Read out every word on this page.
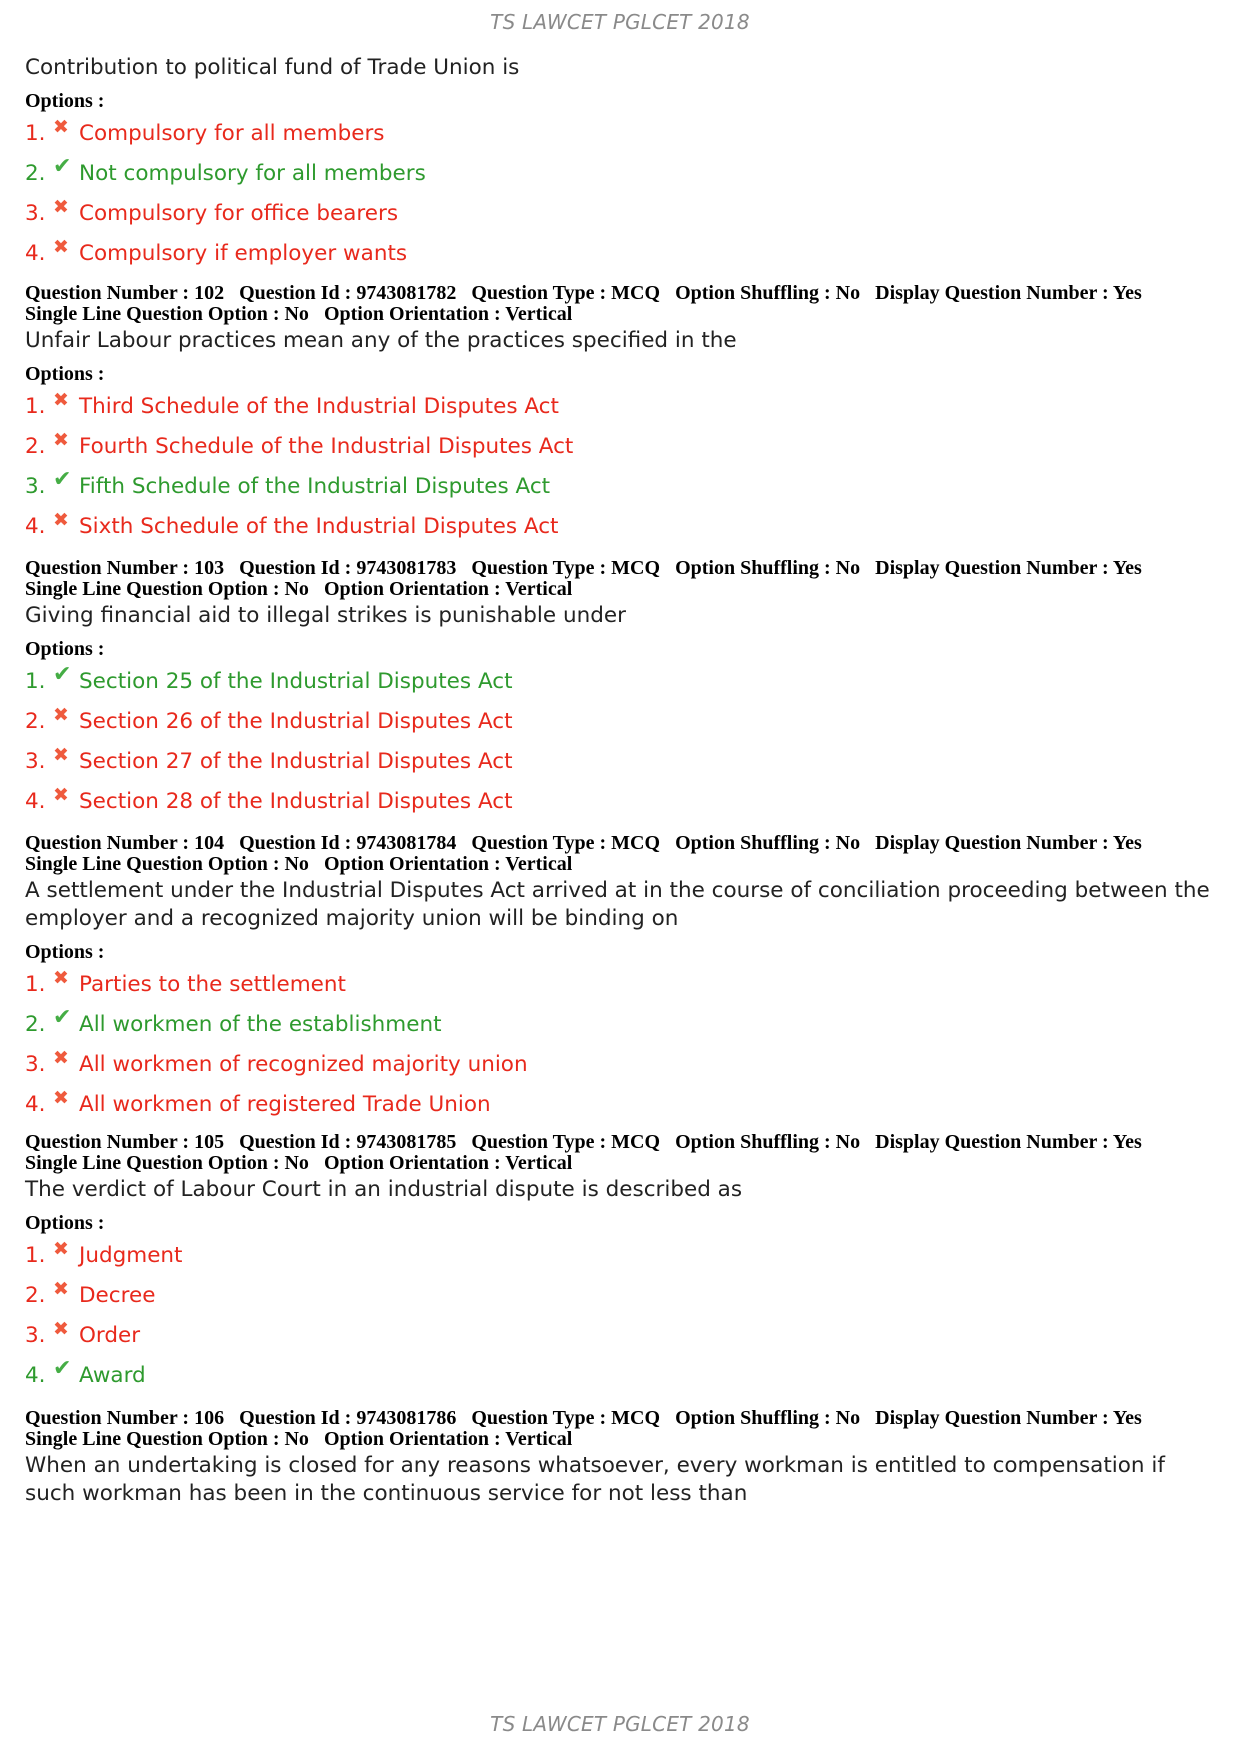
TS LAWCET PGLCET 2018
Contribution to political fund of Trade Union is
Options :
1. ✖ Compulsory for all members
2. ✔ Not compulsory for all members
3. ✖ Compulsory for office bearers
4. ✖ Compulsory if employer wants
Question Number : 102 Question Id : 9743081782 Question Type : MCQ Option Shuffling : No Display Question Number : Yes
Single Line Question Option : No Option Orientation : Vertical
Unfair Labour practices mean any of the practices specified in the
Options :
1. ✖ Third Schedule of the Industrial Disputes Act
2. ✖ Fourth Schedule of the Industrial Disputes Act
3. ✔ Fifth Schedule of the Industrial Disputes Act
4. ✖ Sixth Schedule of the Industrial Disputes Act
Question Number : 103 Question Id : 9743081783 Question Type : MCQ Option Shuffling : No Display Question Number : Yes
Single Line Question Option : No Option Orientation : Vertical
Giving financial aid to illegal strikes is punishable under
Options :
1. ✔ Section 25 of the Industrial Disputes Act
2. ✖ Section 26 of the Industrial Disputes Act
3. ✖ Section 27 of the Industrial Disputes Act
4. ✖ Section 28 of the Industrial Disputes Act
Question Number : 104 Question Id : 9743081784 Question Type : MCQ Option Shuffling : No Display Question Number : Yes
Single Line Question Option : No Option Orientation : Vertical
A settlement under the Industrial Disputes Act arrived at in the course of conciliation proceeding between the employer and a recognized majority union will be binding on
Options :
1. ✖ Parties to the settlement
2. ✔ All workmen of the establishment
3. ✖ All workmen of recognized majority union
4. ✖ All workmen of registered Trade Union
Question Number : 105 Question Id : 9743081785 Question Type : MCQ Option Shuffling : No Display Question Number : Yes
Single Line Question Option : No Option Orientation : Vertical
The verdict of Labour Court in an industrial dispute is described as
Options :
1. ✖ Judgment
2. ✖ Decree
3. ✖ Order
4. ✔ Award
Question Number : 106 Question Id : 9743081786 Question Type : MCQ Option Shuffling : No Display Question Number : Yes
Single Line Question Option : No Option Orientation : Vertical
When an undertaking is closed for any reasons whatsoever, every workman is entitled to compensation if such workman has been in the continuous service for not less than
TS LAWCET PGLCET 2018
